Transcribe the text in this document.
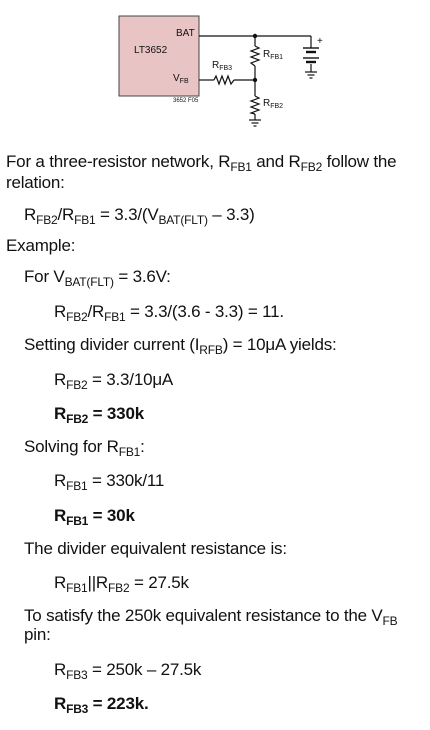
LT3652
BAT
$V_{FB}$
$R_{FB1}$
$R_{FB2}$
$R_{FB3}$
+
3652 F05
For a three-resistor network, $R_{FB1}$ and $R_{FB2}$ follow the
relation:
$R_{FB2}/R_{FB1} = 3.3/(V_{BAT(FLT)} - 3.3)$
Example:
For $V_{BAT(FLT)} = 3.6V$:
$R_{FB2}/R_{FB1} = 3.3/(3.6 - 3.3) = 11$.
Setting divider current $(I_{RFB}) = 10\mu A$ yields:
$R_{FB2} = 3.3/10\mu A$
$R_{FB2} = 330k$
Solving for $R_{FB1}$:
$R_{FB1} = 330k/11$
$R_{FB1} = 30k$
The divider equivalent resistance is:
$R_{FB1}||R_{FB2} = 27.5k$
To satisfy the 250k equivalent resistance to the $V_{FB}$
pin:
$R_{FB3} = 250k - 27.5k$
$R_{FB3} = 223k$.
